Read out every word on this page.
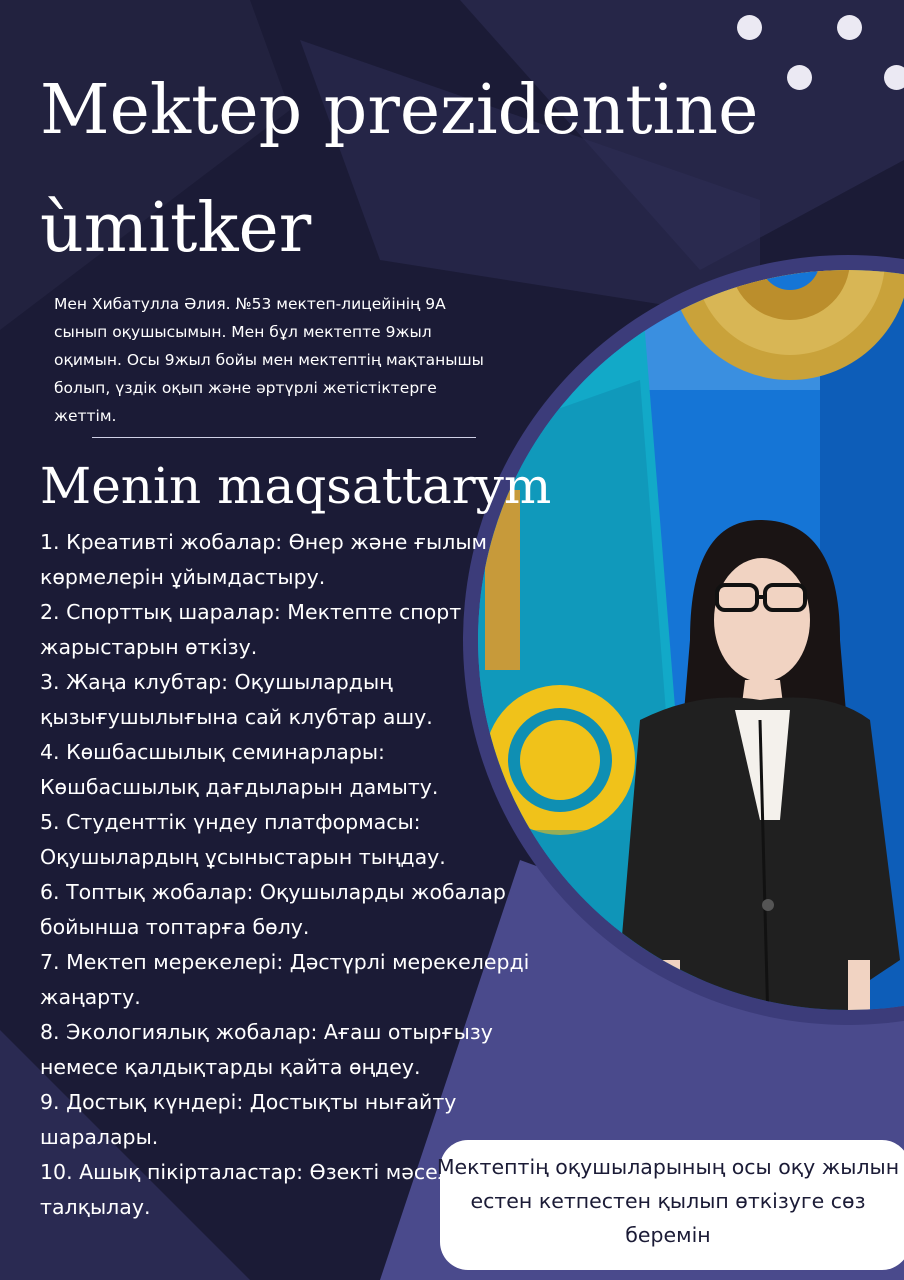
Mektep prezidentine ùmitker

Мен Хибатулла Әлия. №53 мектеп-лицейінің 9А сынып оқушысымын. Мен бұл мектепте 9жыл оқимын. Осы 9жыл бойы мен мектептің мақтанышы болып, үздік оқып және әртүрлі жетістіктерге жеттім.

Menin maqsattarym
1. Креативті жобалар: Өнер және ғылым көрмелерін ұйымдастыру.
2. Спорттық шаралар: Мектепте спорт жарыстарын өткізу.
3. Жаңа клубтар: Оқушылардың қызығушылығына сай клубтар ашу.
4. Көшбасшылық семинарлары: Көшбасшылық дағдыларын дамыту.
5. Студенттік үндеу платформасы: Оқушылардың ұсыныстарын тыңдау.
6. Топтық жобалар: Оқушыларды жобалар бойынша топтарға бөлу.
7. Мектеп мерекелері: Дәстүрлі мерекелерді жаңарту.
8. Экологиялық жобалар: Ағаш отырғызу немесе қалдықтарды қайта өңдеу.
9. Достық күндері: Достықты нығайту шаралары.
10. Ашық пікірталастар: Өзекті мәселелерді талқылау.

Мектептің оқушыларының осы оқу жылын естен кетпестен қылып өткізуге сөз беремін
